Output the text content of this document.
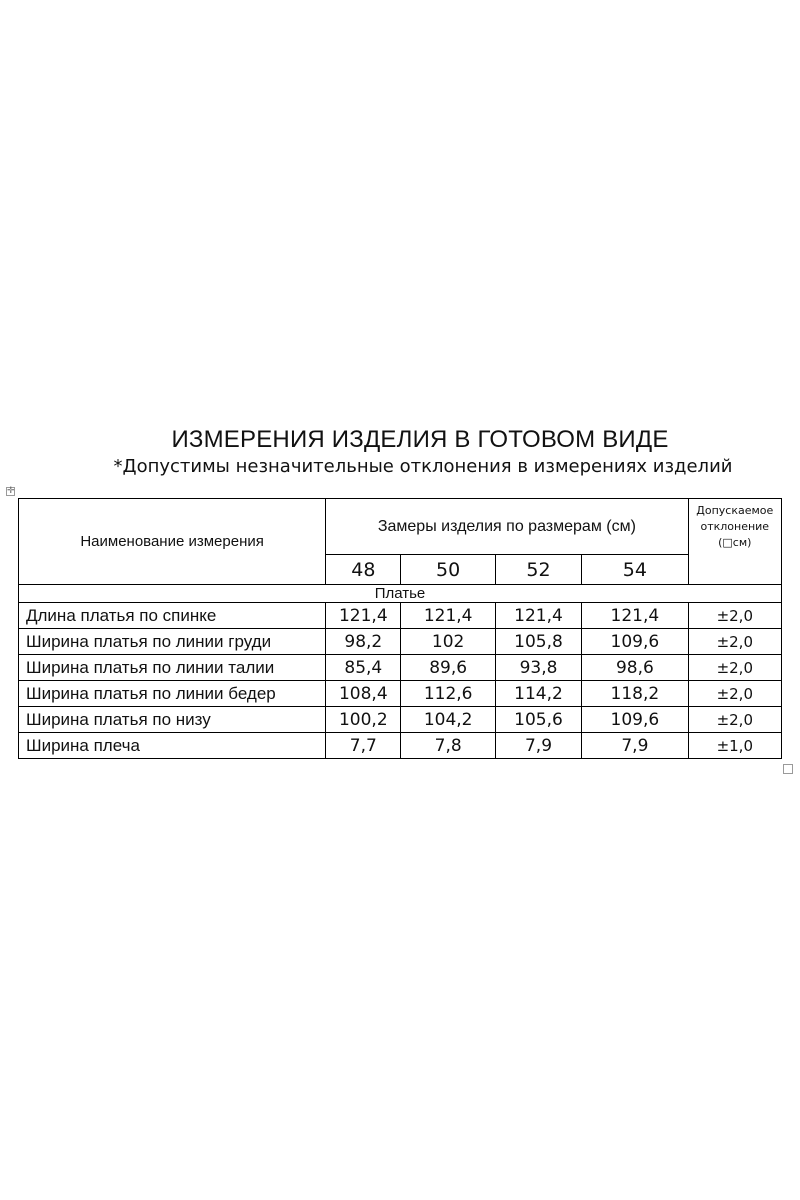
ИЗМЕРЕНИЯ ИЗДЕЛИЯ В ГОТОВОМ ВИДЕ

*Допустимы незначительные отклонения в измерениях изделий

✛
Наименование измерения	Замеры изделия по размерам (см)				Допускаемое
отклонение
(□см)

	48	50	52	54	
Платье					
Длина платья по спинке	121,4	121,4	121,4	121,4	±2,0
Ширина платья по линии груди	98,2	102	105,8	109,6	±2,0
Ширина платья по линии талии	85,4	89,6	93,8	98,6	±2,0
Ширина платья по линии бедер	108,4	112,6	114,2	118,2	±2,0
Ширина платья по низу	100,2	104,2	105,6	109,6	±2,0
Ширина плеча	7,7	7,8	7,9	7,9	±1,0
